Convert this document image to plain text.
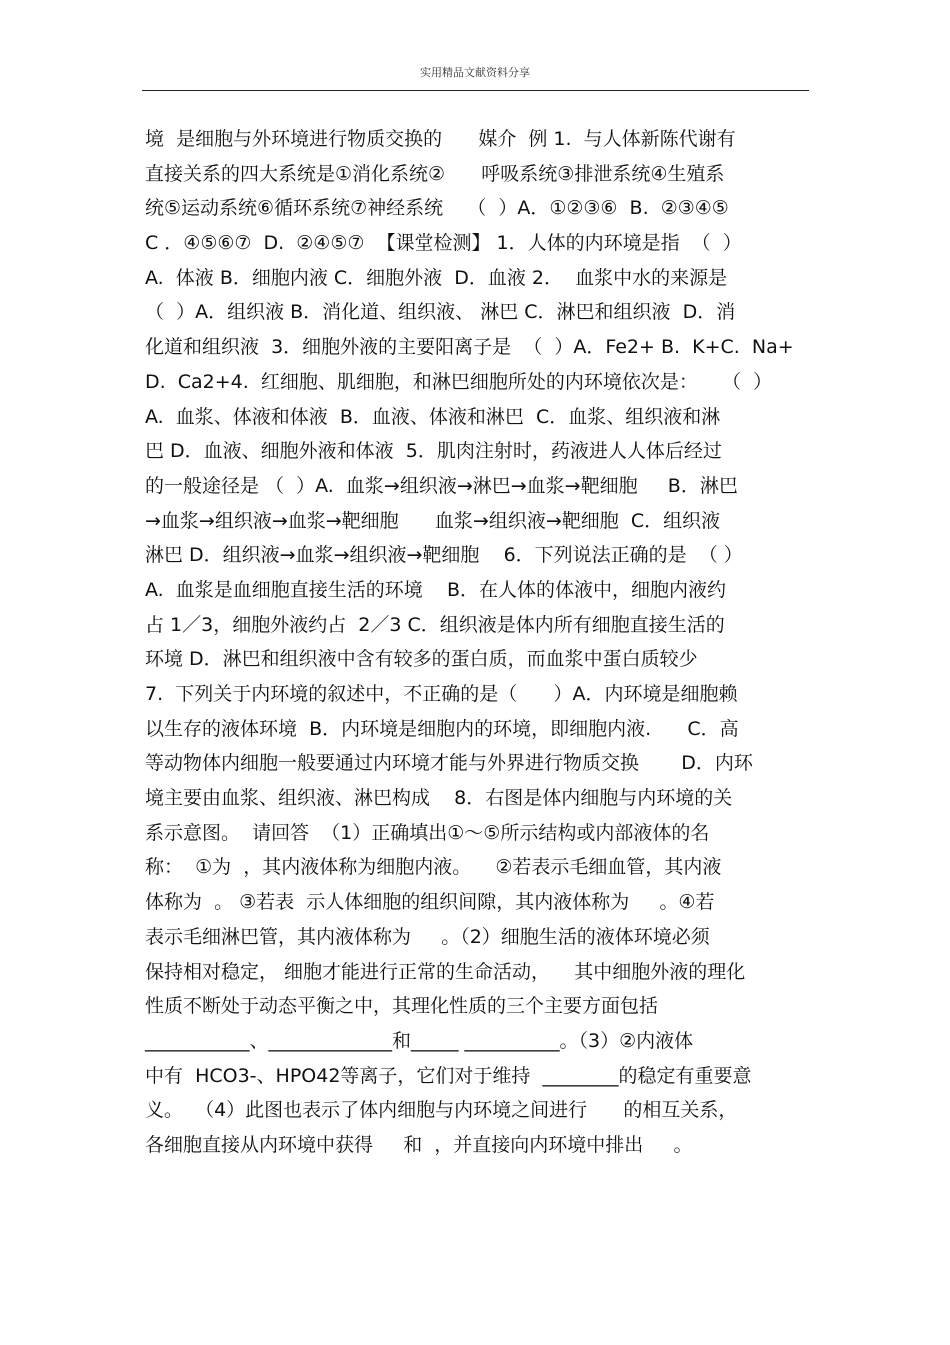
实用精品文献资料分享
境  是细胞与外环境进行物质交换的      媒介  例 1.  与人体新陈代谢有
直接关系的四大系统是①消化系统②      呼吸系统③排泄系统④生殖系
统⑤运动系统⑥循环系统⑦神经系统    （  ）A．①②③⑥  B.  ②③④⑤
C ．④⑤⑥⑦  D.  ②④⑤⑦  【课堂检测】 1．人体的内环境是指  （  ）
A.  体液 B．细胞内液 C．细胞外液  D．血液 2．  血浆中水的来源是
（  ）A．组织液 B．消化道、组织液、 淋巴 C．淋巴和组织液  D．消
化道和组织液  3．细胞外液的主要阳离子是  （  ）A．Fe2+ B.  K+C.  Na+
D.  Ca2+4.  红细胞、肌细胞，和淋巴细胞所处的内环境依次是：    （  ）
A.  血浆、体液和体液  B．血液、体液和淋巴  C．血浆、组织液和淋
巴 D．血液、细胞外液和体液  5．肌肉注射时，药液进人人体后经过
的一般途径是 （  ）A.  血浆→组织液→淋巴→血浆→靶细胞     B．淋巴
→血浆→组织液→血浆→靶细胞      血浆→组织液→靶细胞  C．组织液
淋巴 D．组织液→血浆→组织液→靶细胞    6．下列说法正确的是  （ ）
A.  血浆是血细胞直接生活的环境    B．在人体的体液中，细胞内液约
占 1／3，细胞外液约占  2／3 C．组织液是体内所有细胞直接生活的
环境 D．淋巴和组织液中含有较多的蛋白质，而血浆中蛋白质较少
7.  下列关于内环境的叙述中，不正确的是（      ）A．内环境是细胞赖
以生存的液体环境  B．内环境是细胞内的环境，即细胞内液.      C．高
等动物体内细胞一般要通过内环境才能与外界进行物质交换       D．内环
境主要由血浆、组织液、淋巴构成    8．右图是体内细胞与内环境的关
系示意图。  请回答  （1）正确填出①～⑤所示结构或内部液体的名
称：  ①为  ，其内液体称为细胞内液。    ②若表示毛细血管，其内液
体称为  。 ③若表  示人体细胞的组织间隙，其内液体称为     。④若
表示毛细淋巴管，其内液体称为     。（2）细胞生活的液体环境必须
保持相对稳定， 细胞才能进行正常的生命活动，    其中细胞外液的理化
性质不断处于动态平衡之中，其理化性质的三个主要方面包括
___________、_____________和_____ __________。（3）②内液体
中有  HCO3-、HPO42等离子，它们对于维持  ________的稳定有重要意
义。  （4）此图也表示了体内细胞与内环境之间进行      的相互关系，
各细胞直接从内环境中获得     和  ，并直接向内环境中排出     。
